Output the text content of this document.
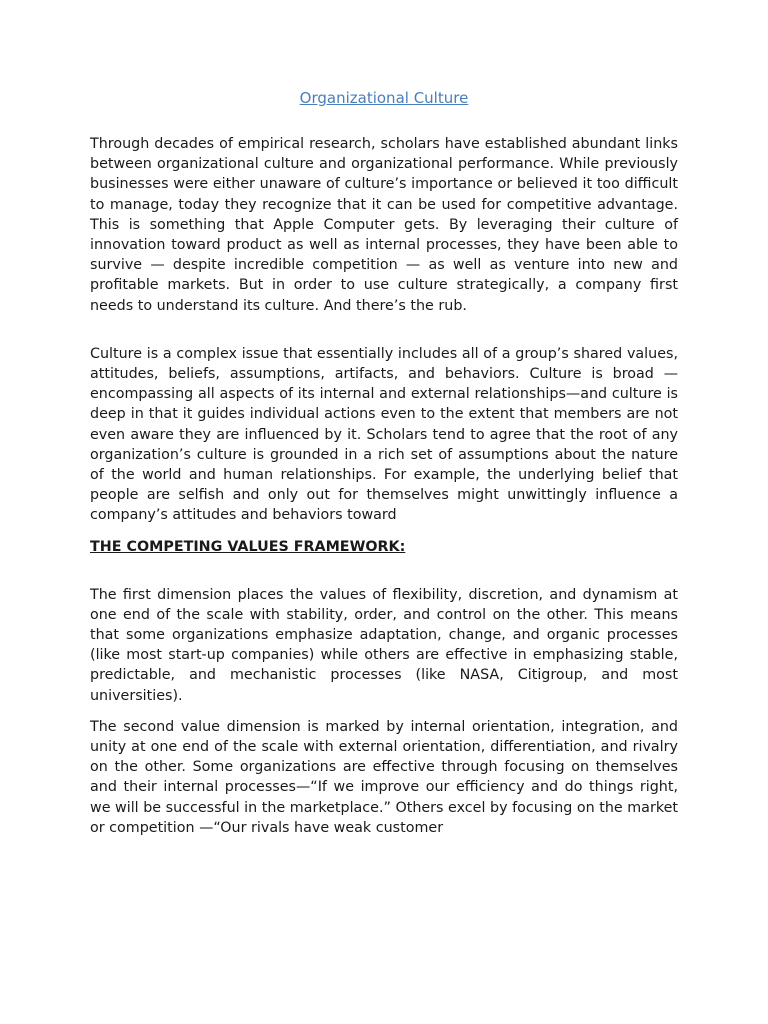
Organizational Culture

Through decades of empirical research, scholars have established abundant links between organizational culture and organizational performance. While previously businesses were either unaware of culture’s importance or believed it too difficult to manage, today they recognize that it can be used for competitive advantage. This is something that Apple Computer gets. By leveraging their culture of innovation toward product as well as internal processes, they have been able to survive — despite incredible competition — as well as venture into new and profitable markets. But in order to use culture strategically, a company first needs to understand its culture. And there’s the rub.

Culture is a complex issue that essentially includes all of a group’s shared values, attitudes, beliefs, assumptions, artifacts, and behaviors. Culture is broad — encompassing all aspects of its internal and external relationships—and culture is deep in that it guides individual actions even to the extent that members are not even aware they are influenced by it. Scholars tend to agree that the root of any organization’s culture is grounded in a rich set of assumptions about the nature of the world and human relationships. For example, the underlying belief that people are selfish and only out for themselves might unwittingly influence a company’s attitudes and behaviors toward

THE COMPETING VALUES FRAMEWORK:

The first dimension places the values of flexibility, discretion, and dynamism at one end of the scale with stability, order, and control on the other. This means that some organizations emphasize adaptation, change, and organic processes (like most start-up companies) while others are effective in emphasizing stable, predictable, and mechanistic processes (like NASA, Citigroup, and most universities).

The second value dimension is marked by internal orientation, integration, and unity at one end of the scale with external orientation, differentiation, and rivalry on the other. Some organizations are effective through focusing on themselves and their internal processes—“If we improve our efficiency and do things right, we will be successful in the marketplace.” Others excel by focusing on the market or competition —“Our rivals have weak customer
